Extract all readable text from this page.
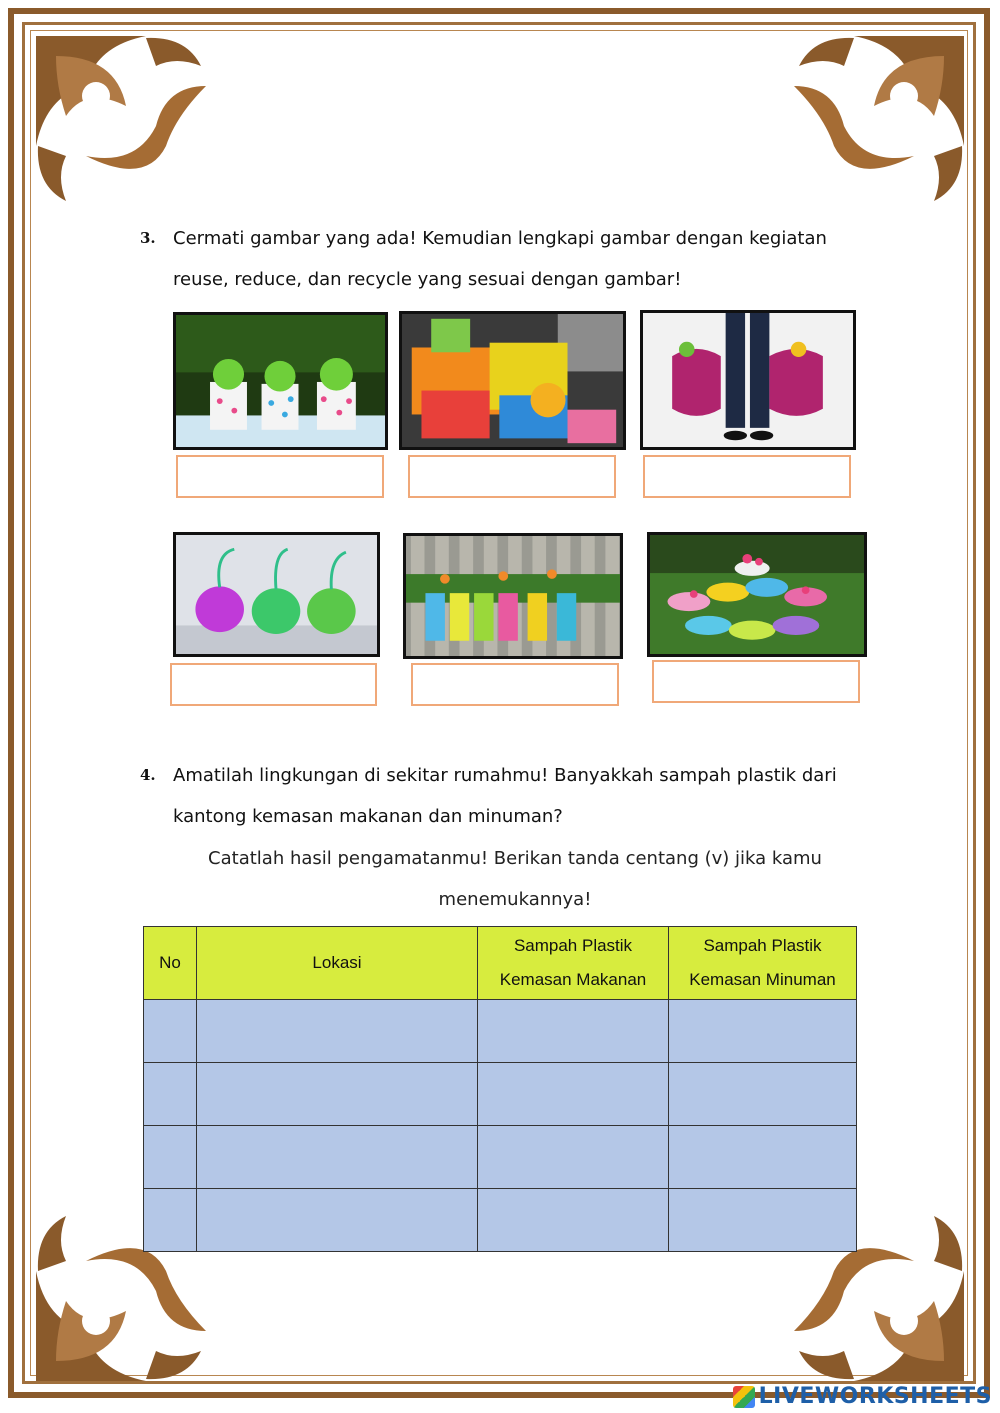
3. Cermati gambar yang ada! Kemudian lengkapi gambar dengan kegiatan reuse, reduce, dan recycle yang sesuai dengan gambar!
4. Amatilah lingkungan di sekitar rumahmu! Banyakkah sampah plastik dari kantong kemasan makanan dan minuman?
Catatlah hasil pengamatanmu! Berikan tanda centang (v) jika kamu menemukannya!
No	Lokasi	Sampah Plastik Kemasan Makanan	Sampah Plastik Kemasan Minuman

LIVEWORKSHEETS
